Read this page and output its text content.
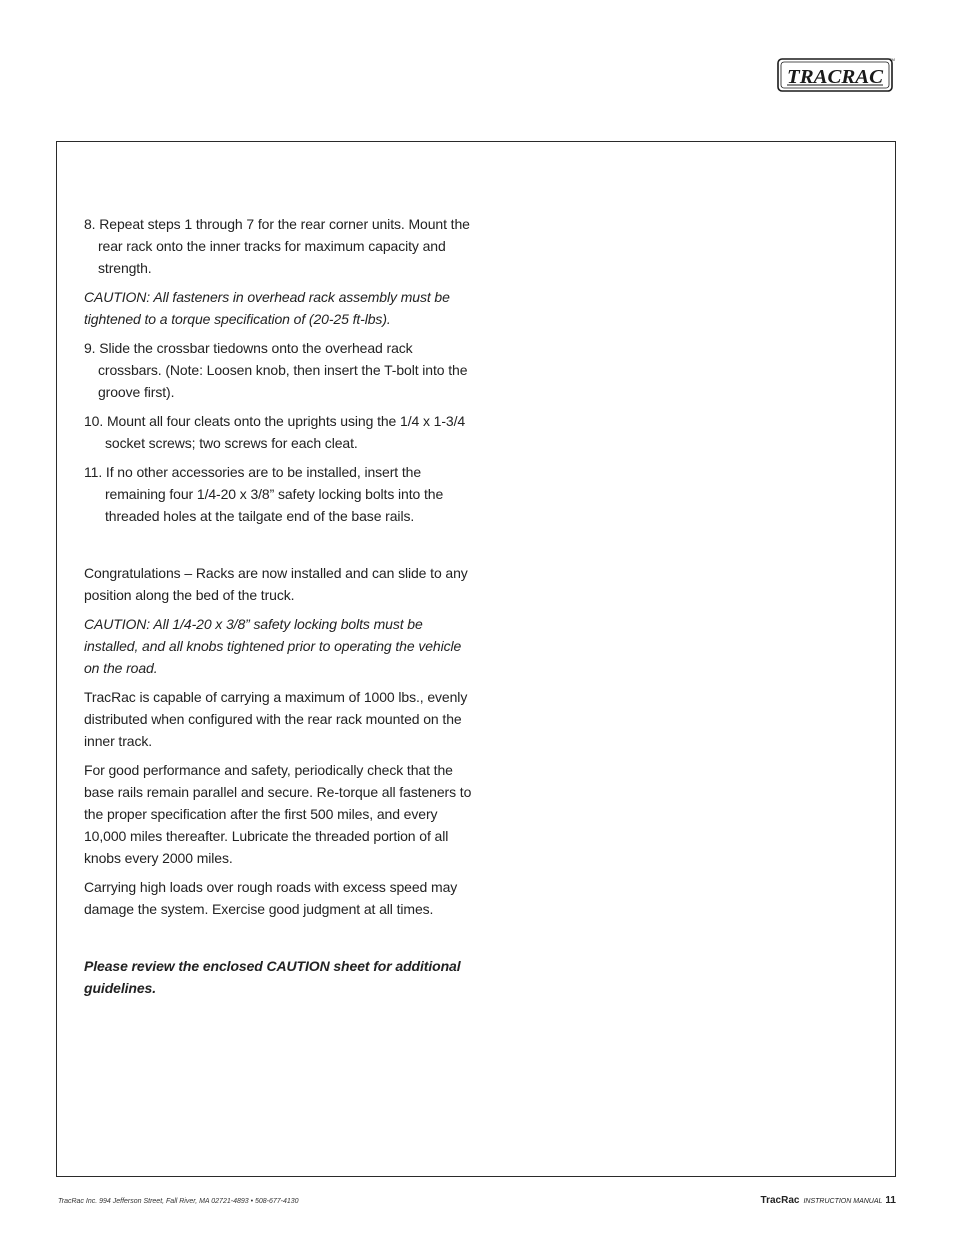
TRACRAC
TM

8. Repeat steps 1 through 7 for the rear corner units. Mount the rear rack onto the inner tracks for maximum capacity and strength.

CAUTION: All fasteners in overhead rack assembly must be tightened to a torque specification of (20-25 ft-lbs).

9. Slide the crossbar tiedowns onto the overhead rack crossbars. (Note: Loosen knob, then insert the T-bolt into the groove first).

10. Mount all four cleats onto the uprights using the 1/4 x 1-3/4 socket screws; two screws for each cleat.

11. If no other accessories are to be installed, insert the remaining four 1/4-20 x 3/8” safety locking bolts into the threaded holes at the tailgate end of the base rails.

Congratulations – Racks are now installed and can slide to any position along the bed of the truck.

CAUTION: All 1/4-20 x 3/8” safety locking bolts must be installed, and all knobs tightened prior to operating the vehicle on the road.

TracRac is capable of carrying a maximum of 1000 lbs., evenly distributed when configured with the rear rack mounted on the inner track.

For good performance and safety, periodically check that the base rails remain parallel and secure. Re-torque all fasteners to the proper specification after the first 500 miles, and every 10,000 miles thereafter. Lubricate the threaded portion of all knobs every 2000 miles.

Carrying high loads over rough roads with excess speed may damage the system. Exercise good judgment at all times.

Please review the enclosed CAUTION sheet for additional guidelines.

TracRac Inc. 994 Jefferson Street, Fall River, MA 02721-4893 • 508-677-4130	TracRac INSTRUCTION MANUAL 11
